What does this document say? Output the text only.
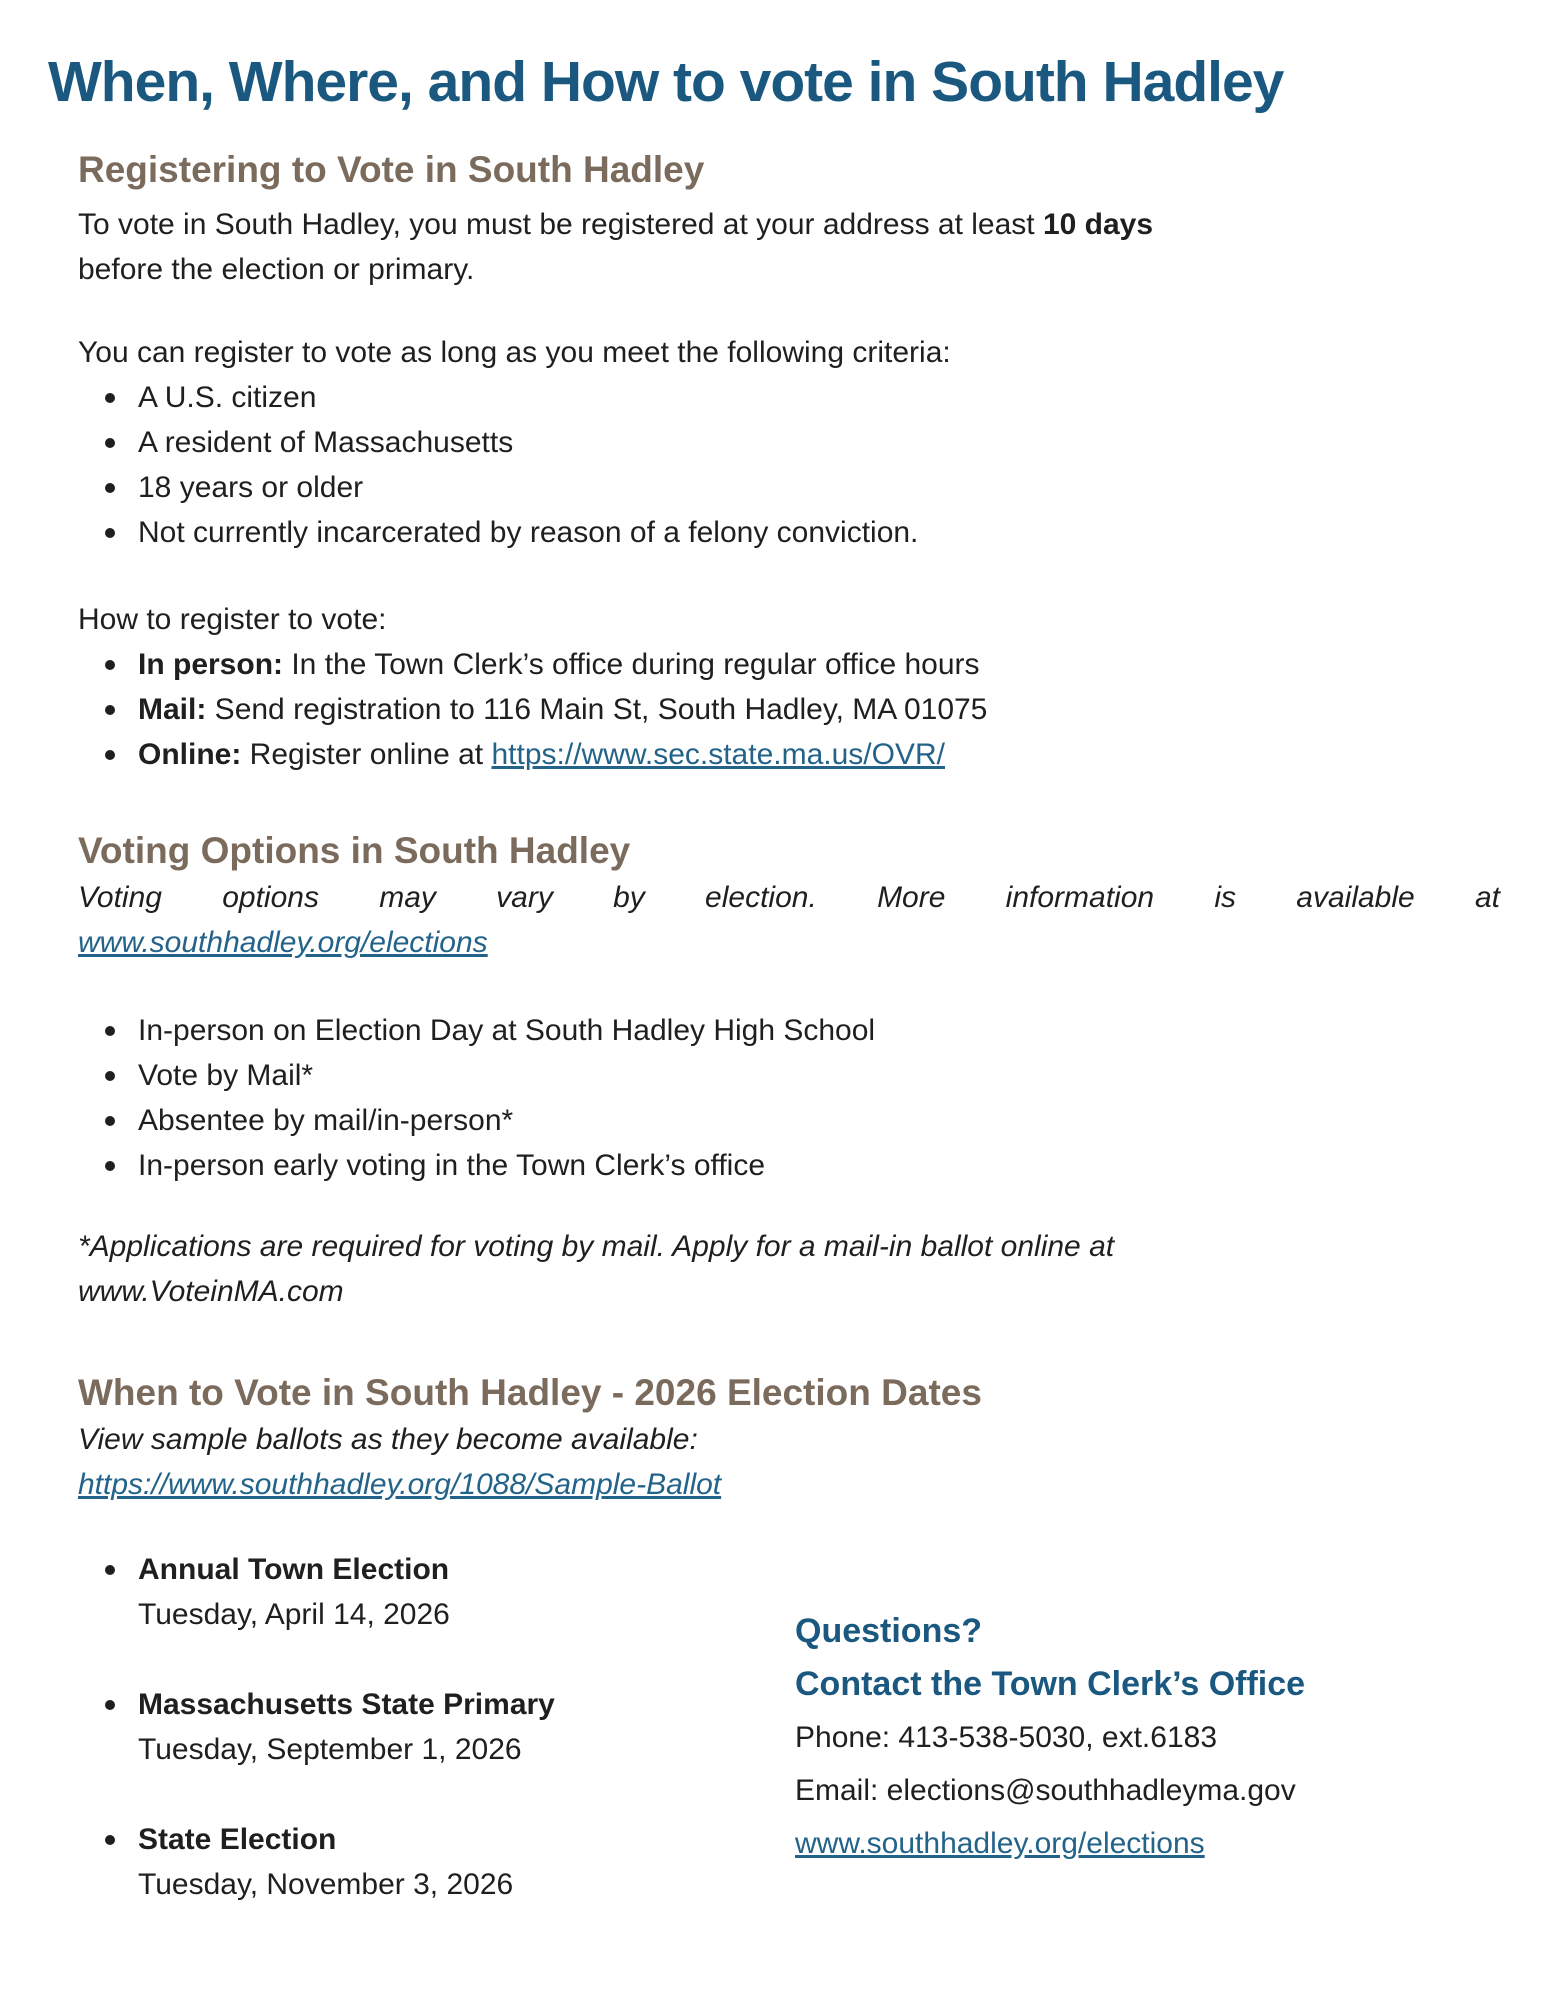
When, Where, and How to vote in South Hadley
Registering to Vote in South Hadley

To vote in South Hadley, you must be registered at your address at least 10 days
before the election or primary.

You can register to vote as long as you meet the following criteria:

A U.S. citizen
A resident of Massachusetts
18 years or older
Not currently incarcerated by reason of a felony conviction.

How to register to vote:

In person: In the Town Clerk’s office during regular office hours
Mail: Send registration to 116 Main St, South Hadley, MA 01075
Online: Register online at https://www.sec.state.ma.us/OVR/
Voting Options in South Hadley

Voting options may vary by election. More information is available at

www.southhadley.org/elections

In-person on Election Day at South Hadley High School
Vote by Mail*
Absentee by mail/in-person*
In-person early voting in the Town Clerk’s office

*Applications are required for voting by mail. Apply for a mail-in ballot online at
www.VoteinMA.com

When to Vote in South Hadley - 2026 Election Dates

View sample ballots as they become available:

https://www.southhadley.org/1088/Sample-Ballot

Annual Town Election
Tuesday, April 14, 2026
Massachusetts State Primary
Tuesday, September 1, 2026
State Election
Tuesday, November 3, 2026

Questions?

Contact the Town Clerk’s Office

Phone: 413-538-5030, ext.6183

Email: elections@southhadleyma.gov

www.southhadley.org/elections
